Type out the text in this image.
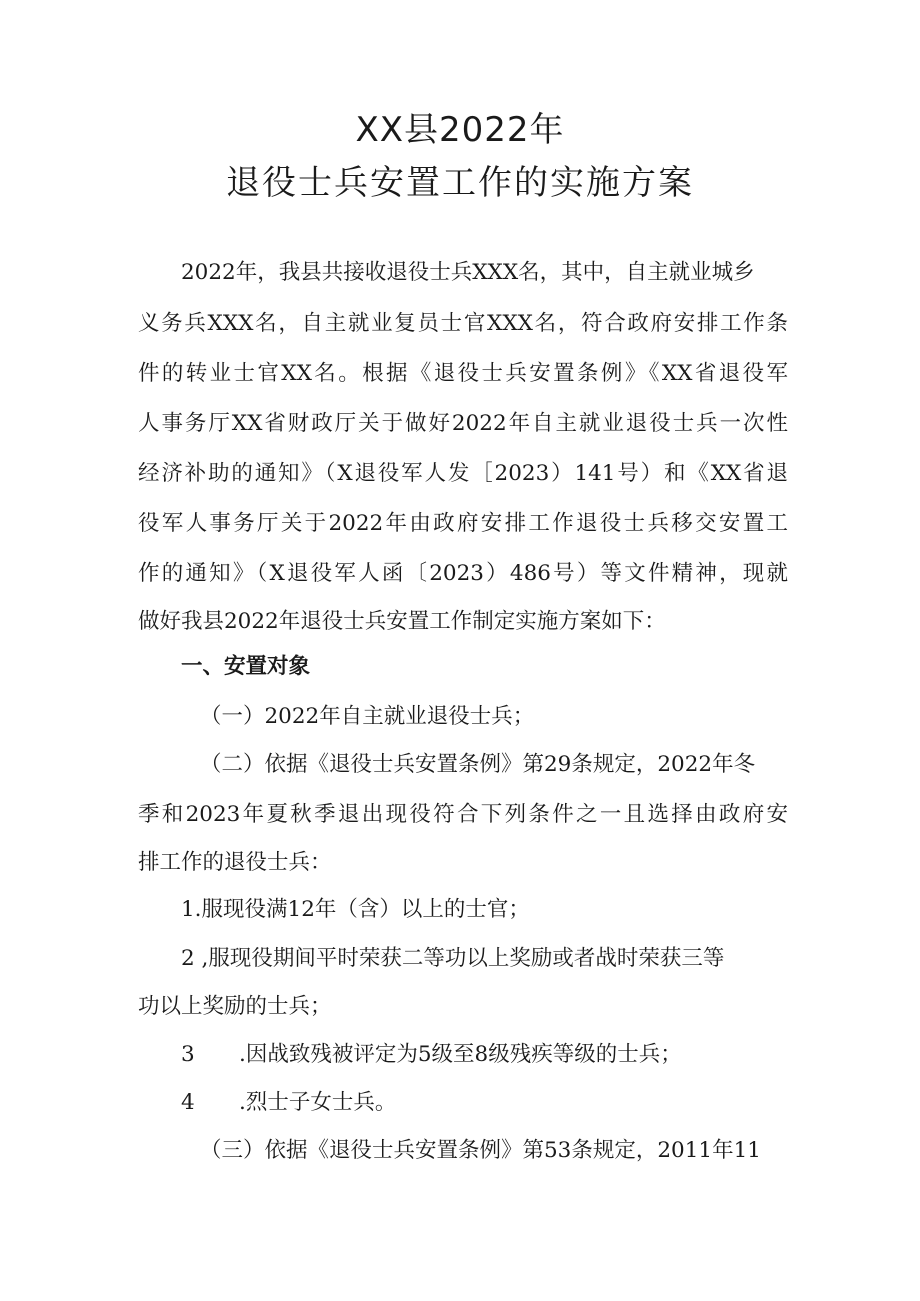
XX县2022年
退役士兵安置工作的实施方案
2022年，我县共接收退役士兵XXX名，其中，自主就业城乡
义务兵XXX名，自主就业复员士官XXX名，符合政府安排工作条
件的转业士官XX名。根据《退役士兵安置条例》《XX省退役军
人事务厅XX省财政厅关于做好2022年自主就业退役士兵一次性
经济补助的通知》（X退役军人发［2023）141号）和《XX省退
役军人事务厅关于2022年由政府安排工作退役士兵移交安置工
作的通知》（X退役军人函〔2023）486号）等文件精神，现就
做好我县2022年退役士兵安置工作制定实施方案如下：
一、安置对象
（一）2022年自主就业退役士兵；
（二）依据《退役士兵安置条例》第29条规定，2022年冬
季和2023年夏秋季退出现役符合下列条件之一且选择由政府安
排工作的退役士兵：
1.服现役满12年（含）以上的士官；
2 ,服现役期间平时荣获二等功以上奖励或者战时荣获三等
功以上奖励的士兵；
3 .因战致残被评定为5级至8级残疾等级的士兵；
4 .烈士子女士兵。
（三）依据《退役士兵安置条例》第53条规定，2011年11
